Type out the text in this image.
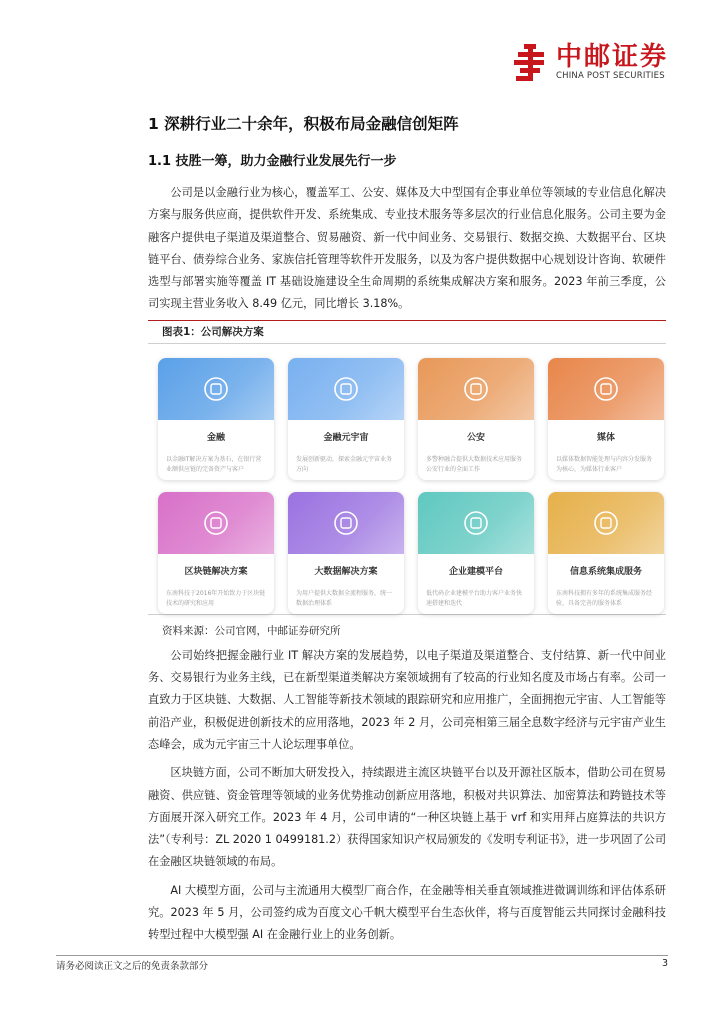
中邮证券
CHINA POST SECURITIES
1 深耕行业二十余年，积极布局金融信创矩阵
1.1 技胜一筹，助力金融行业发展先行一步

公司是以金融行业为核心，覆盖军工、公安、媒体及大中型国有企事业单位等领域的专业信息化解决方案与服务供应商，提供软件开发、系统集成、专业技术服务等多层次的行业信息化服务。公司主要为金融客户提供电子渠道及渠道整合、贸易融资、新一代中间业务、交易银行、数据交换、大数据平台、区块链平台、债券综合业务、家族信托管理等软件开发服务，以及为客户提供数据中心规划设计咨询、软硬件选型与部署实施等覆盖 IT 基础设施建设全生命周期的系统集成解决方案和服务。2023 年前三季度，公司实现主营业务收入 8.49 亿元，同比增长 3.18%。

图表1：公司解决方案
金融
以金融IT解决方案为基石，在银行营业额供应链的完备资产与客户
金融元宇宙
发展创新驱动，探索金融元宇宙业务方向
公安
多警种融合提供大数据技术应用服务公安行业的全面工作
媒体
以媒体数据智能处理与内容分发服务为核心，为媒体行业客户
区块链解决方案
东南科技于2016年开始致力于区块链技术的研究和应用
大数据解决方案
为用户提供大数据全流程服务，统一数据治理体系
企业建模平台
低代码企业建模平台助力客户业务快速搭建和迭代
信息系统集成服务
东南科技拥有多年的系统集成服务经验，具备完善的服务体系
资料来源：公司官网，中邮证券研究所

公司始终把握金融行业 IT 解决方案的发展趋势，以电子渠道及渠道整合、支付结算、新一代中间业务、交易银行为业务主线，已在新型渠道类解决方案领域拥有了较高的行业知名度及市场占有率。公司一直致力于区块链、大数据、人工智能等新技术领域的跟踪研究和应用推广，全面拥抱元宇宙、人工智能等前沿产业，积极促进创新技术的应用落地，2023 年 2 月，公司亮相第三届全息数字经济与元宇宙产业生态峰会，成为元宇宙三十人论坛理事单位。

区块链方面，公司不断加大研发投入，持续跟进主流区块链平台以及开源社区版本，借助公司在贸易融资、供应链、资金管理等领域的业务优势推动创新应用落地，积极对共识算法、加密算法和跨链技术等方面展开深入研究工作。2023 年 4 月，公司申请的“一种区块链上基于 vrf 和实用拜占庭算法的共识方法”（专利号：ZL 2020 1 0499181.2）获得国家知识产权局颁发的《发明专利证书》，进一步巩固了公司在金融区块链领域的布局。

AI 大模型方面，公司与主流通用大模型厂商合作，在金融等相关垂直领域推进微调训练和评估体系研究。2023 年 5 月，公司签约成为百度文心千帆大模型平台生态伙伴，将与百度智能云共同探讨金融科技转型过程中大模型强 AI 在金融行业上的业务创新。

请务必阅读正文之后的免责条款部分	3
